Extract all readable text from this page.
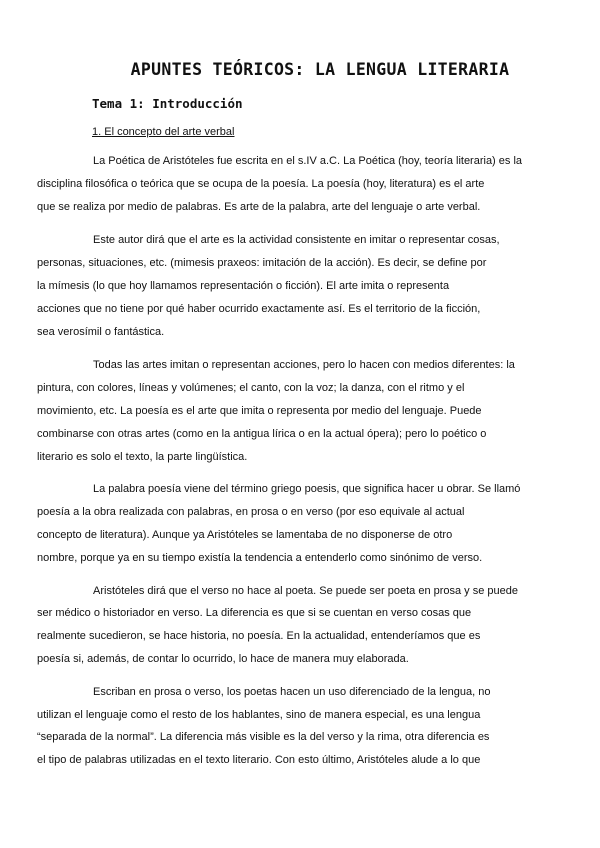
APUNTES TEÓRICOS: LA LENGUA LITERARIA
Tema 1: Introducción
1. El concepto del arte verbal
La Poética de Aristóteles fue escrita en el s.IV a.C. La Poética (hoy, teoría literaria) es la
disciplina filosófica o teórica que se ocupa de la poesía. La poesía (hoy, literatura) es el arte
que se realiza por medio de palabras. Es arte de la palabra, arte del lenguaje o arte verbal.
Este autor dirá que el arte es la actividad consistente en imitar o representar cosas,
personas, situaciones, etc. (mimesis praxeos: imitación de la acción). Es decir, se define por
la mímesis (lo que hoy llamamos representación o ficción). El arte imita o representa
acciones que no tiene por qué haber ocurrido exactamente así. Es el territorio de la ficción,
sea verosímil o fantástica.
Todas las artes imitan o representan acciones, pero lo hacen con medios diferentes: la
pintura, con colores, líneas y volúmenes; el canto, con la voz; la danza, con el ritmo y el
movimiento, etc. La poesía es el arte que imita o representa por medio del lenguaje. Puede
combinarse con otras artes (como en la antigua lírica o en la actual ópera); pero lo poético o
literario es solo el texto, la parte lingüística.
La palabra poesía viene del término griego poesis, que significa hacer u obrar. Se llamó
poesía a la obra realizada con palabras, en prosa o en verso (por eso equivale al actual
concepto de literatura). Aunque ya Aristóteles se lamentaba de no disponerse de otro
nombre, porque ya en su tiempo existía la tendencia a entenderlo como sinónimo de verso.
Aristóteles dirá que el verso no hace al poeta. Se puede ser poeta en prosa y se puede
ser médico o historiador en verso. La diferencia es que si se cuentan en verso cosas que
realmente sucedieron, se hace historia, no poesía. En la actualidad, entenderíamos que es
poesía si, además, de contar lo ocurrido, lo hace de manera muy elaborada.
Escriban en prosa o verso, los poetas hacen un uso diferenciado de la lengua, no
utilizan el lenguaje como el resto de los hablantes, sino de manera especial, es una lengua
“separada de la normal”. La diferencia más visible es la del verso y la rima, otra diferencia es
el tipo de palabras utilizadas en el texto literario. Con esto último, Aristóteles alude a lo que
